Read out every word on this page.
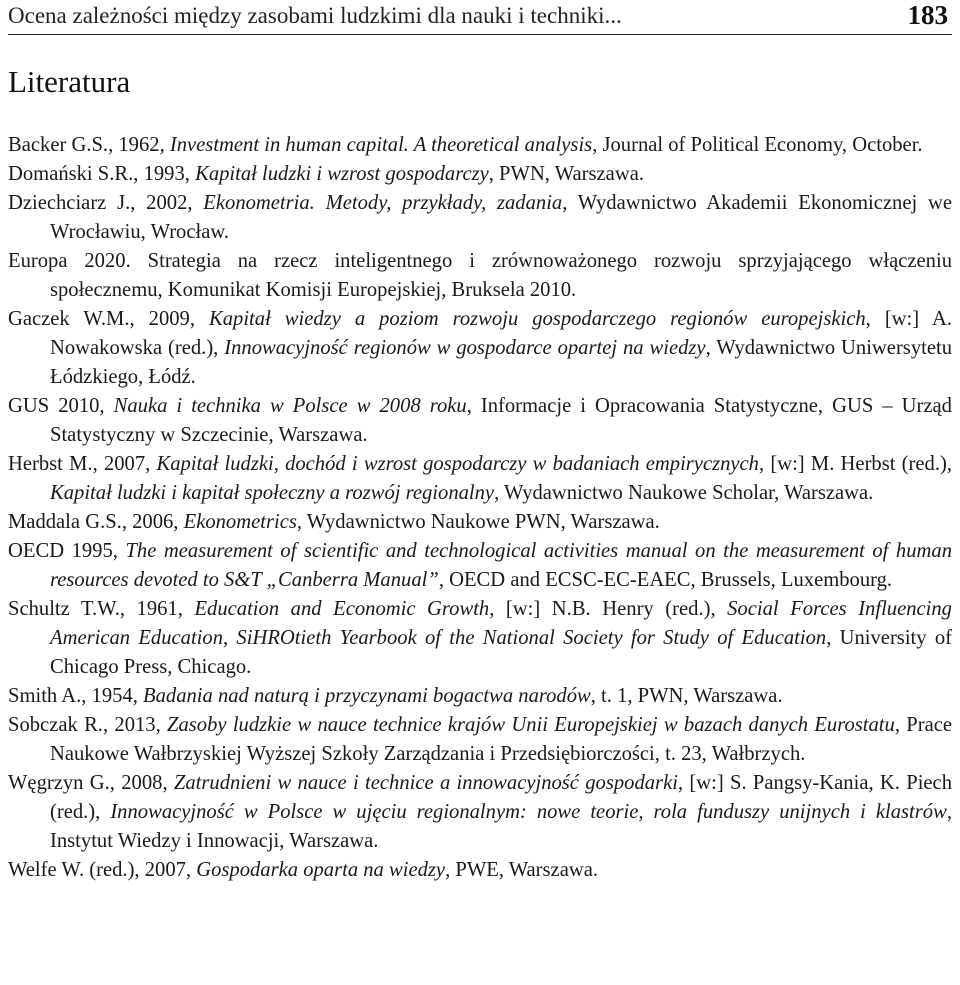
Ocena zależności między zasobami ludzkimi dla nauki i techniki...	183
Literatura

Backer G.S., 1962, Investment in human capital. A theoretical analysis, Journal of Political Economy, October.

Domański S.R., 1993, Kapitał ludzki i wzrost gospodarczy, PWN, Warszawa.

Dziechciarz J., 2002, Ekonometria. Metody, przykłady, zadania, Wydawnictwo Akademii Ekonomicznej we Wrocławiu, Wrocław.

Europa 2020. Strategia na rzecz inteligentnego i zrównoważonego rozwoju sprzyjającego włączeniu społecznemu, Komunikat Komisji Europejskiej, Bruksela 2010.

Gaczek W.M., 2009, Kapitał wiedzy a poziom rozwoju gospodarczego regionów europejskich, [w:] A. Nowakowska (red.), Innowacyjność regionów w gospodarce opartej na wiedzy, Wydawnictwo Uniwersytetu Łódzkiego, Łódź.

GUS 2010, Nauka i technika w Polsce w 2008 roku, Informacje i Opracowania Statystyczne, GUS – Urząd Statystyczny w Szczecinie, Warszawa.

Herbst M., 2007, Kapitał ludzki, dochód i wzrost gospodarczy w badaniach empirycznych, [w:] M. Herbst (red.), Kapitał ludzki i kapitał społeczny a rozwój regionalny, Wydawnictwo Naukowe Scholar, Warszawa.

Maddala G.S., 2006, Ekonometrics, Wydawnictwo Naukowe PWN, Warszawa.

OECD 1995, The measurement of scientific and technological activities manual on the measurement of human resources devoted to S&T „Canberra Manual”, OECD and ECSC-EC-EAEC, Brussels, Luxembourg.

Schultz T.W., 1961, Education and Economic Growth, [w:] N.B. Henry (red.), Social Forces Influencing American Education, SiHROtieth Yearbook of the National Society for Study of Education, University of Chicago Press, Chicago.

Smith A., 1954, Badania nad naturą i przyczynami bogactwa narodów, t. 1, PWN, Warszawa.

Sobczak R., 2013, Zasoby ludzkie w nauce technice krajów Unii Europejskiej w bazach danych Eurostatu, Prace Naukowe Wałbrzyskiej Wyższej Szkoły Zarządzania i Przedsiębiorczości, t. 23, Wałbrzych.

Węgrzyn G., 2008, Zatrudnieni w nauce i technice a innowacyjność gospodarki, [w:] S. Pangsy-Kania, K. Piech (red.), Innowacyjność w Polsce w ujęciu regionalnym: nowe teorie, rola funduszy unijnych i klastrów, Instytut Wiedzy i Innowacji, Warszawa.

Welfe W. (red.), 2007, Gospodarka oparta na wiedzy, PWE, Warszawa.
